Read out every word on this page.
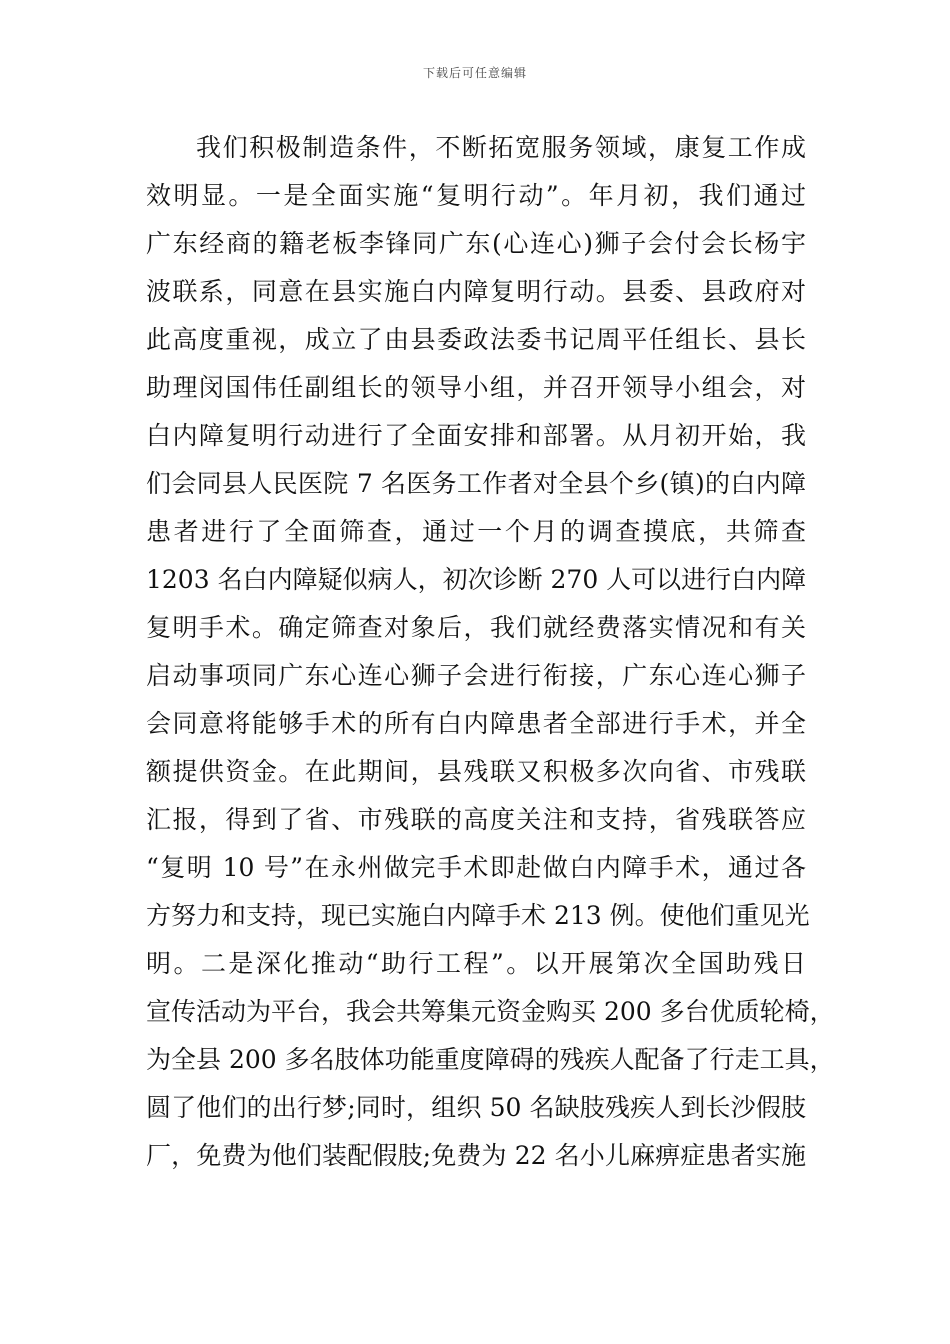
下载后可任意编辑
我们积极制造条件，不断拓宽服务领域，康复工作成
效明显。一是全面实施“复明行动”。年月初，我们通过
广东经商的籍老板李锋同广东(心连心)狮子会付会长杨宇
波联系，同意在县实施白内障复明行动。县委、县政府对
此高度重视，成立了由县委政法委书记周平任组长、县长
助理闵国伟任副组长的领导小组，并召开领导小组会，对
白内障复明行动进行了全面安排和部署。从月初开始，我
们会同县人民医院 7 名医务工作者对全县个乡(镇)的白内障
患者进行了全面筛查，通过一个月的调查摸底，共筛查
1203 名白内障疑似病人，初次诊断 270 人可以进行白内障
复明手术。确定筛查对象后，我们就经费落实情况和有关
启动事项同广东心连心狮子会进行衔接，广东心连心狮子
会同意将能够手术的所有白内障患者全部进行手术，并全
额提供资金。在此期间，县残联又积极多次向省、市残联
汇报，得到了省、市残联的高度关注和支持，省残联答应
“复明 10 号”在永州做完手术即赴做白内障手术，通过各
方努力和支持，现已实施白内障手术 213 例。使他们重见光
明。二是深化推动“助行工程”。以开展第次全国助残日
宣传活动为平台，我会共筹集元资金购买 200 多台优质轮椅，
为全县 200 多名肢体功能重度障碍的残疾人配备了行走工具，
圆了他们的出行梦;同时，组织 50 名缺肢残疾人到长沙假肢
厂，免费为他们装配假肢;免费为 22 名小儿麻痹症患者实施
